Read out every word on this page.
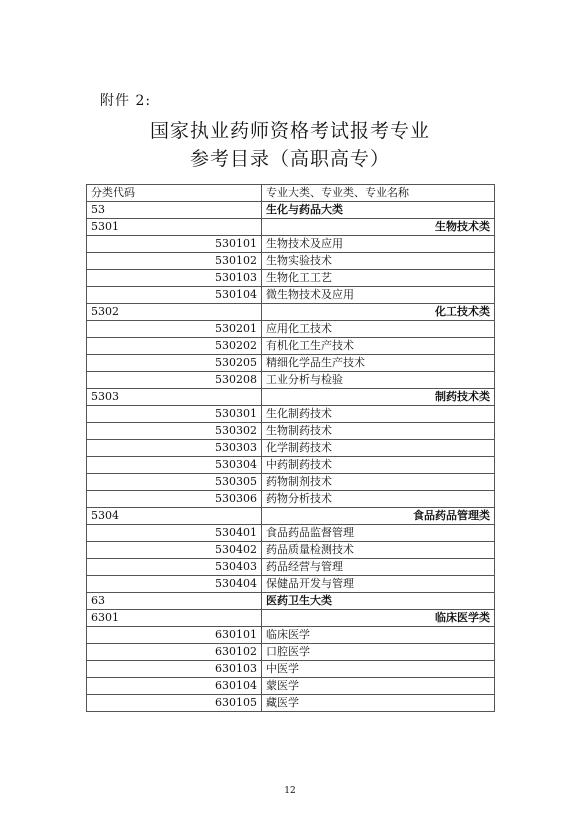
附件 2:
国家执业药师资格考试报考专业
参考目录（高职高专）
分类代码	专业大类、专业类、专业名称
53	生化与药品大类
5301	生物技术类
530101	生物技术及应用
530102	生物实验技术
530103	生物化工工艺
530104	微生物技术及应用
5302	化工技术类
530201	应用化工技术
530202	有机化工生产技术
530205	精细化学品生产技术
530208	工业分析与检验
5303	制药技术类
530301	生化制药技术
530302	生物制药技术
530303	化学制药技术
530304	中药制药技术
530305	药物制剂技术
530306	药物分析技术
5304	食品药品管理类
530401	食品药品监督管理
530402	药品质量检测技术
530403	药品经营与管理
530404	保健品开发与管理
63	医药卫生大类
6301	临床医学类
630101	临床医学
630102	口腔医学
630103	中医学
630104	蒙医学
630105	藏医学
12
